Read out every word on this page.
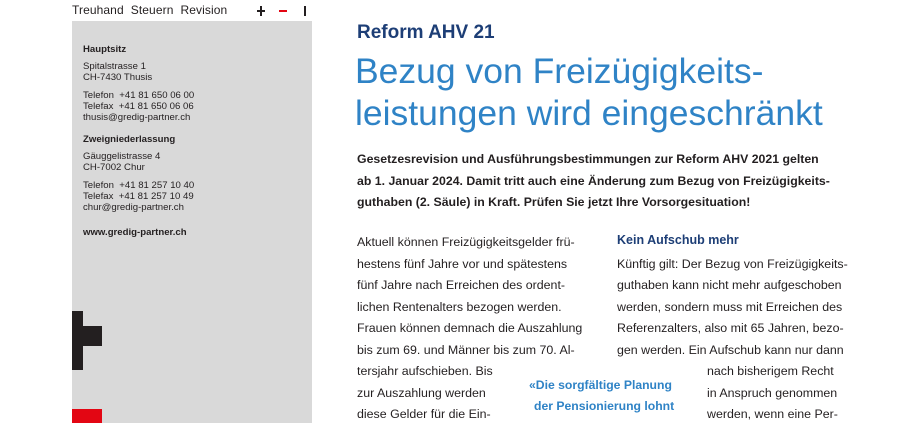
Treuhand Steuern Revision
Hauptsitz
Spitalstrasse 1
CH-7430 Thusis
Telefon  +41 81 650 06 00
Telefax  +41 81 650 06 06
thusis@gredig-partner.ch
Zweigniederlassung
Gäuggelistrasse 4
CH-7002 Chur
Telefon  +41 81 257 10 40
Telefax  +41 81 257 10 49
chur@gredig-partner.ch
www.gredig-partner.ch
Reform AHV 21
Bezug von Freizügigkeits-
leistungen wird eingeschränkt
Gesetzesrevision und Ausführungsbestimmungen zur Reform AHV 2021 gelten
ab 1. Januar 2024. Damit tritt auch eine Änderung zum Bezug von Freizügigkeits-
guthaben (2. Säule) in Kraft. Prüfen Sie jetzt Ihre Vorsorgesituation!
Aktuell können Freizügigkeitsgelder frü-
hestens fünf Jahre vor und spätestens
fünf Jahre nach Erreichen des ordent-
lichen Rentenalters bezogen werden.
Frauen können demnach die Auszahlung
bis zum 69. und Männer bis zum 70. Al-
tersjahr aufschieben. Bis
zur Auszahlung werden
diese Gelder für die Ein-
«Die sorgfältige Planung
der Pensionierung lohnt
Kein Aufschub mehr
Künftig gilt: Der Bezug von Freizügigkeits-
guthaben kann nicht mehr aufgeschoben
werden, sondern muss mit Erreichen des
Referenzalters, also mit 65 Jahren, bezo-
gen werden. Ein Aufschub kann nur dann
nach bisherigem Recht
in Anspruch genommen
werden, wenn eine Per-
